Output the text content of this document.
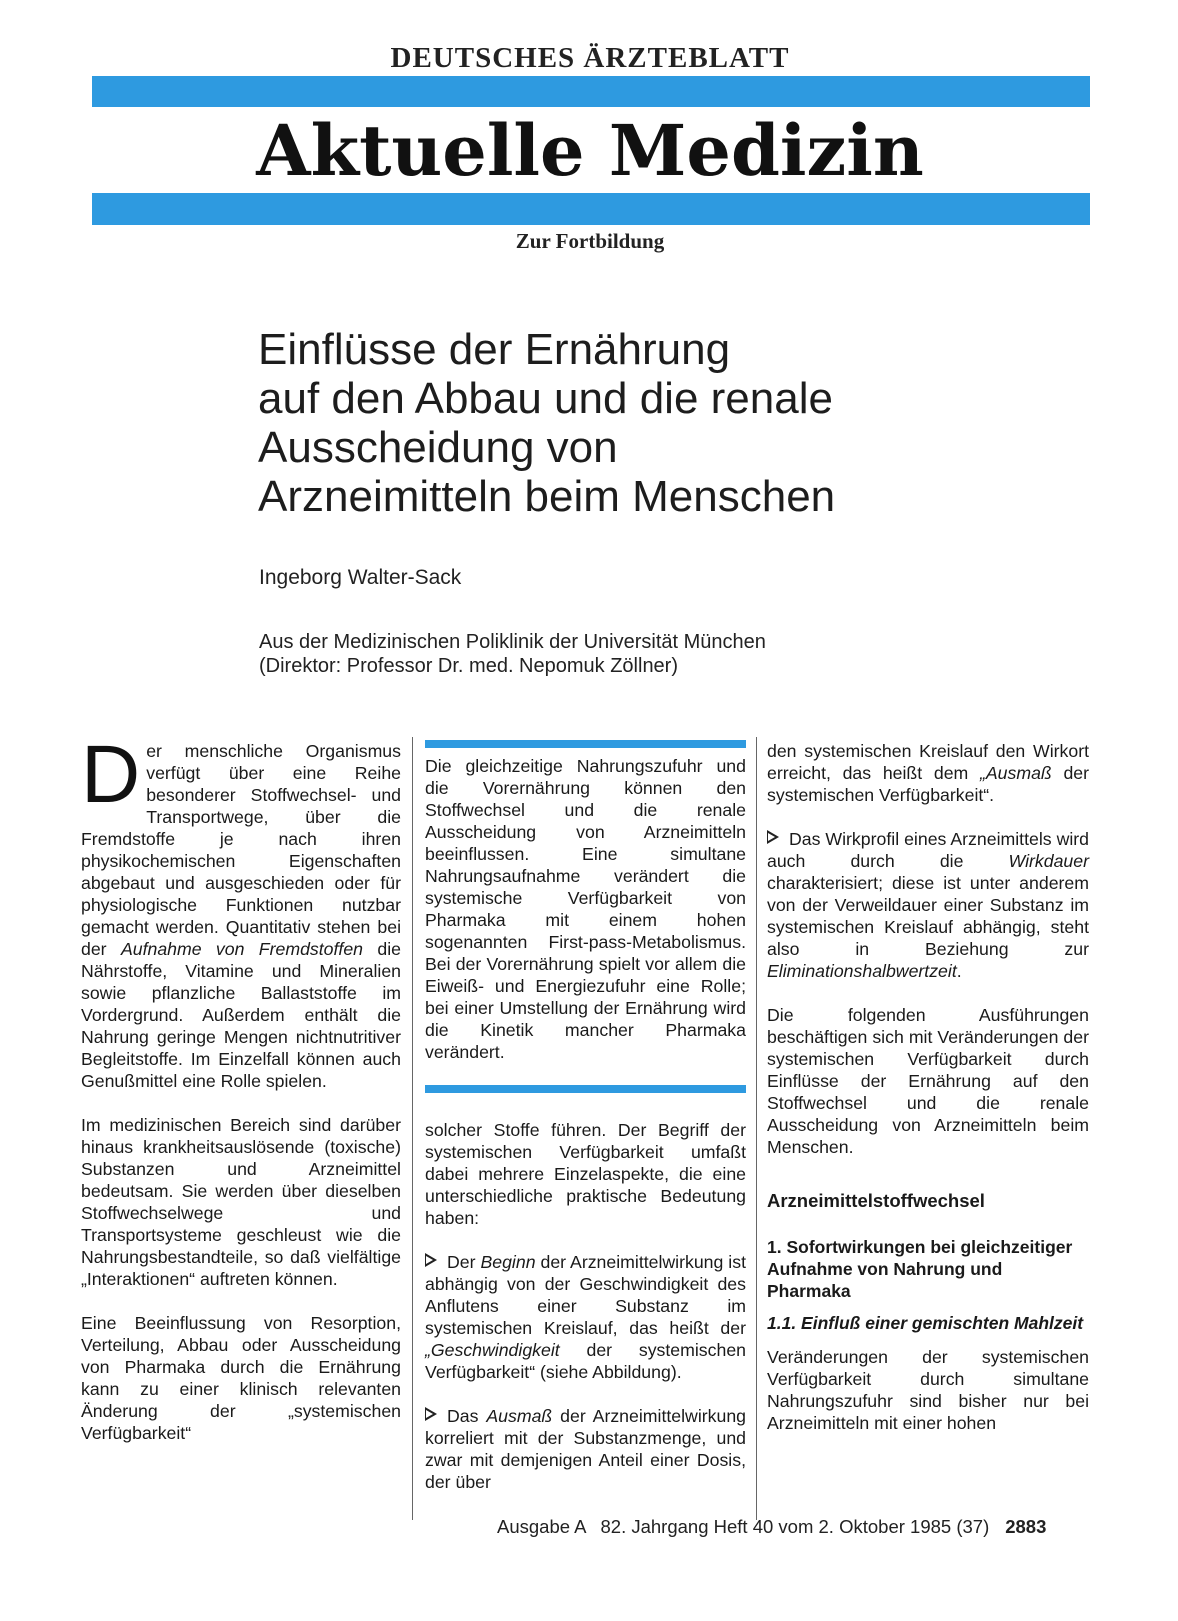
DEUTSCHES ÄRZTEBLATT
Aktuelle Medizin
Zur Fortbildung
Einflüsse der Ernährung
auf den Abbau und die renale
Ausscheidung von
Arzneimitteln beim Menschen
Ingeborg Walter-Sack
Aus der Medizinischen Poliklinik der Universität München
(Direktor: Professor Dr. med. Nepomuk Zöllner)

Der menschliche Organismus verfügt über eine Reihe besonderer Stoffwechsel- und Transportwege, über die Fremdstoffe je nach ihren physikochemischen Eigenschaften abgebaut und ausgeschieden oder für physiologische Funktionen nutzbar gemacht werden. Quantitativ stehen bei der Aufnahme von Fremdstoffen die Nährstoffe, Vitamine und Mineralien sowie pflanzliche Ballaststoffe im Vordergrund. Außerdem enthält die Nahrung geringe Mengen nichtnutritiver Begleitstoffe. Im Einzelfall können auch Genußmittel eine Rolle spielen.

Im medizinischen Bereich sind darüber hinaus krankheitsauslösende (toxische) Substanzen und Arzneimittel bedeutsam. Sie werden über dieselben Stoffwechselwege und Transportsysteme geschleust wie die Nahrungsbestandteile, so daß vielfältige „Interaktionen“ auftreten können.

Eine Beeinflussung von Resorption, Verteilung, Abbau oder Ausscheidung von Pharmaka durch die Ernährung kann zu einer klinisch relevanten Änderung der „systemischen Verfügbarkeit“

Die gleichzeitige Nahrungszufuhr und die Vorernährung können den Stoffwechsel und die renale Ausscheidung von Arzneimitteln beeinflussen. Eine simultane Nahrungsaufnahme verändert die systemische Verfügbarkeit von Pharmaka mit einem hohen sogenannten First-pass-Metabolismus. Bei der Vorernährung spielt vor allem die Eiweiß- und Energiezufuhr eine Rolle; bei einer Umstellung der Ernährung wird die Kinetik mancher Pharmaka verändert.

solcher Stoffe führen. Der Begriff der systemischen Verfügbarkeit umfaßt dabei mehrere Einzelaspekte, die eine unterschiedliche praktische Bedeutung haben:

Der Beginn der Arzneimittelwirkung ist abhängig von der Geschwindigkeit des Anflutens einer Substanz im systemischen Kreislauf, das heißt der „Geschwindigkeit der systemischen Verfügbarkeit“ (siehe Abbildung).

Das Ausmaß der Arzneimittelwirkung korreliert mit der Substanzmenge, und zwar mit demjenigen Anteil einer Dosis, der über

den systemischen Kreislauf den Wirkort erreicht, das heißt dem „Ausmaß der systemischen Verfügbarkeit“.

Das Wirkprofil eines Arzneimittels wird auch durch die Wirkdauer charakterisiert; diese ist unter anderem von der Verweildauer einer Substanz im systemischen Kreislauf abhängig, steht also in Beziehung zur Eliminationshalbwertzeit.

Die folgenden Ausführungen beschäftigen sich mit Veränderungen der systemischen Verfügbarkeit durch Einflüsse der Ernährung auf den Stoffwechsel und die renale Ausscheidung von Arzneimitteln beim Menschen.

Arzneimittelstoffwechsel
1. Sofortwirkungen bei gleichzeitiger Aufnahme von Nahrung und Pharmaka
1.1. Einfluß einer gemischten Mahlzeit

Veränderungen der systemischen Verfügbarkeit durch simultane Nahrungszufuhr sind bisher nur bei Arzneimitteln mit einer hohen

Ausgabe A 82. Jahrgang Heft 40 vom 2. Oktober 1985 (37) 2883
